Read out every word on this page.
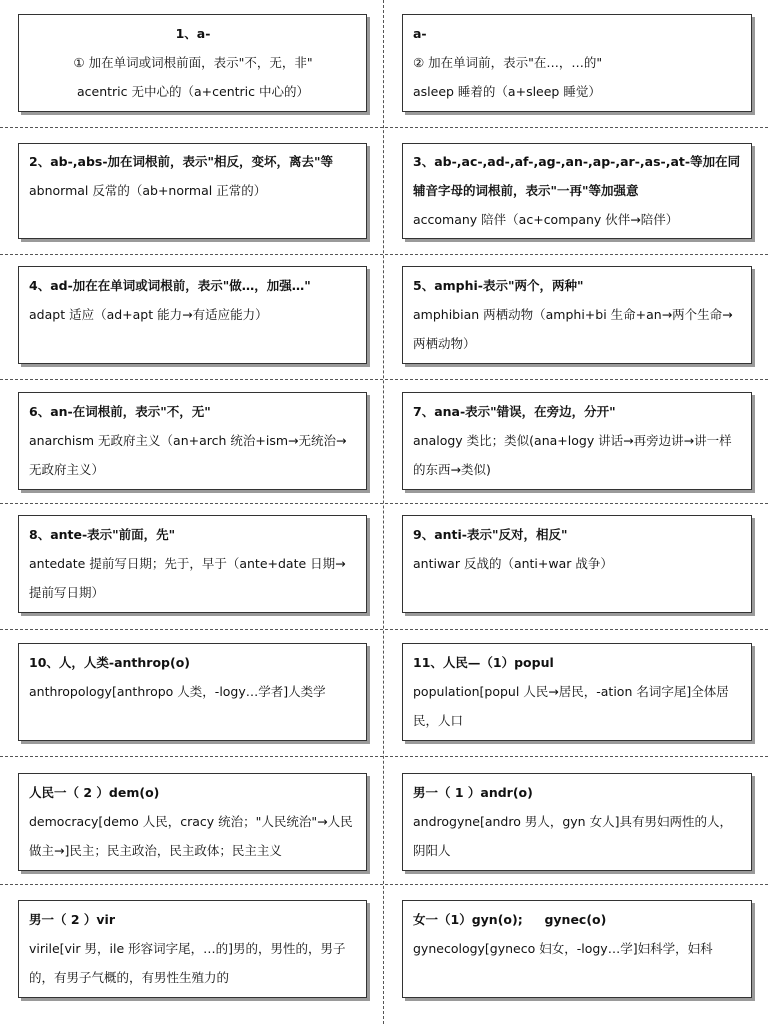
1、a-
① 加在单词或词根前面，表示"不，无，非"
acentric 无中心的（a+centric 中心的）
a-
② 加在单词前，表示"在…，…的"
asleep 睡着的（a+sleep 睡觉）
2、ab-,abs-加在词根前，表示"相反，变坏，离去"等
abnormal 反常的（ab+normal 正常的）
3、ab-,ac-,ad-,af-,ag-,an-,ap-,ar-,as-,at-等加在同辅音字母的词根前，表示"一再"等加强意
accomany 陪伴（ac+company 伙伴→陪伴）
4、ad-加在在单词或词根前，表示"做…，加强…"
adapt 适应（ad+apt 能力→有适应能力）
5、amphi-表示"两个，两种"
amphibian 两栖动物（amphi+bi 生命+an→两个生命→两栖动物）
6、an-在词根前，表示"不，无"
anarchism 无政府主义（an+arch 统治+ism→无统治→无政府主义）
7、ana-表示"错误，在旁边，分开"
analogy 类比；类似(ana+logy 讲话→再旁边讲→讲一样的东西→类似)
8、ante-表示"前面，先"
antedate 提前写日期；先于，早于（ante+date 日期→提前写日期）
9、anti-表示"反对，相反"
antiwar 反战的（anti+war 战争）
10、人，人类-anthrop(o)
anthropology[anthropo 人类，-logy…学者]人类学
11、人民—（1）popul
population[popul 人民→居民，-ation 名词字尾]全体居民，人口
人民一（ 2 ）dem(o)
democracy[demo 人民，cracy 统治；"人民统治"→人民做主→]民主；民主政治，民主政体；民主主义
男一（ 1 ）andr(o)
androgyne[andro 男人，gyn 女人]具有男妇两性的人，阴阳人
男一（ 2 ）vir
virile[vir 男，ile 形容词字尾，…的]男的，男性的，男子的，有男子气概的，有男性生殖力的
女一（1）gyn(o);     gynec(o)
gynecology[gyneco 妇女，-logy…学]妇科学，妇科
